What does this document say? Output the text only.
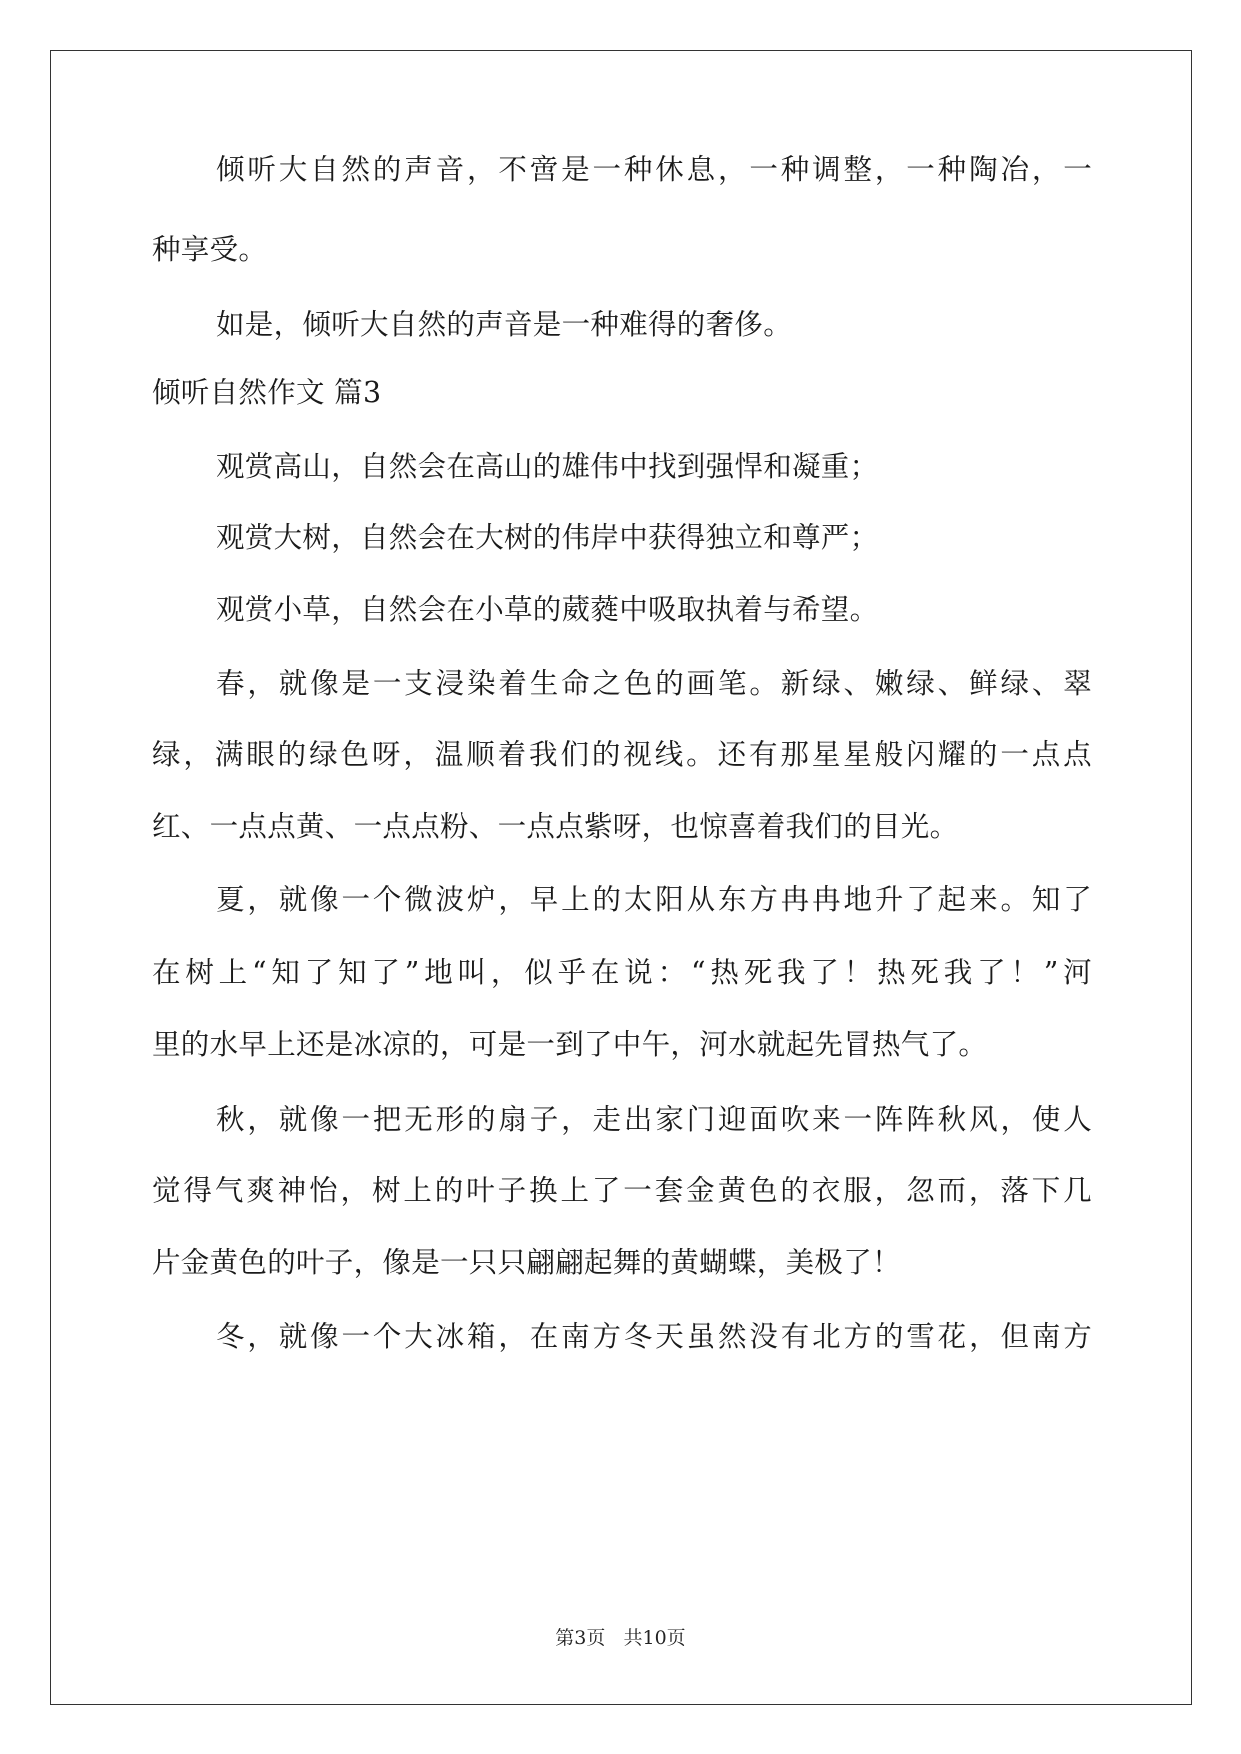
倾听大自然的声音，不啻是一种休息，一种调整，一种陶冶，一
种享受。
如是，倾听大自然的声音是一种难得的奢侈。
倾听自然作文 篇3
观赏高山，自然会在高山的雄伟中找到强悍和凝重；
观赏大树，自然会在大树的伟岸中获得独立和尊严；
观赏小草，自然会在小草的葳蕤中吸取执着与希望。
春，就像是一支浸染着生命之色的画笔。新绿、嫩绿、鲜绿、翠
绿，满眼的绿色呀，温顺着我们的视线。还有那星星般闪耀的一点点
红、一点点黄、一点点粉、一点点紫呀，也惊喜着我们的目光。
夏，就像一个微波炉，早上的太阳从东方冉冉地升了起来。知了
在树上“知了知了”地叫，似乎在说：“热死我了！热死我了！”河
里的水早上还是冰凉的，可是一到了中午，河水就起先冒热气了。
秋，就像一把无形的扇子，走出家门迎面吹来一阵阵秋风，使人
觉得气爽神怡，树上的叶子换上了一套金黄色的衣服，忽而，落下几
片金黄色的叶子，像是一只只翩翩起舞的黄蝴蝶，美极了！
冬，就像一个大冰箱，在南方冬天虽然没有北方的雪花，但南方
第3页   共10页
